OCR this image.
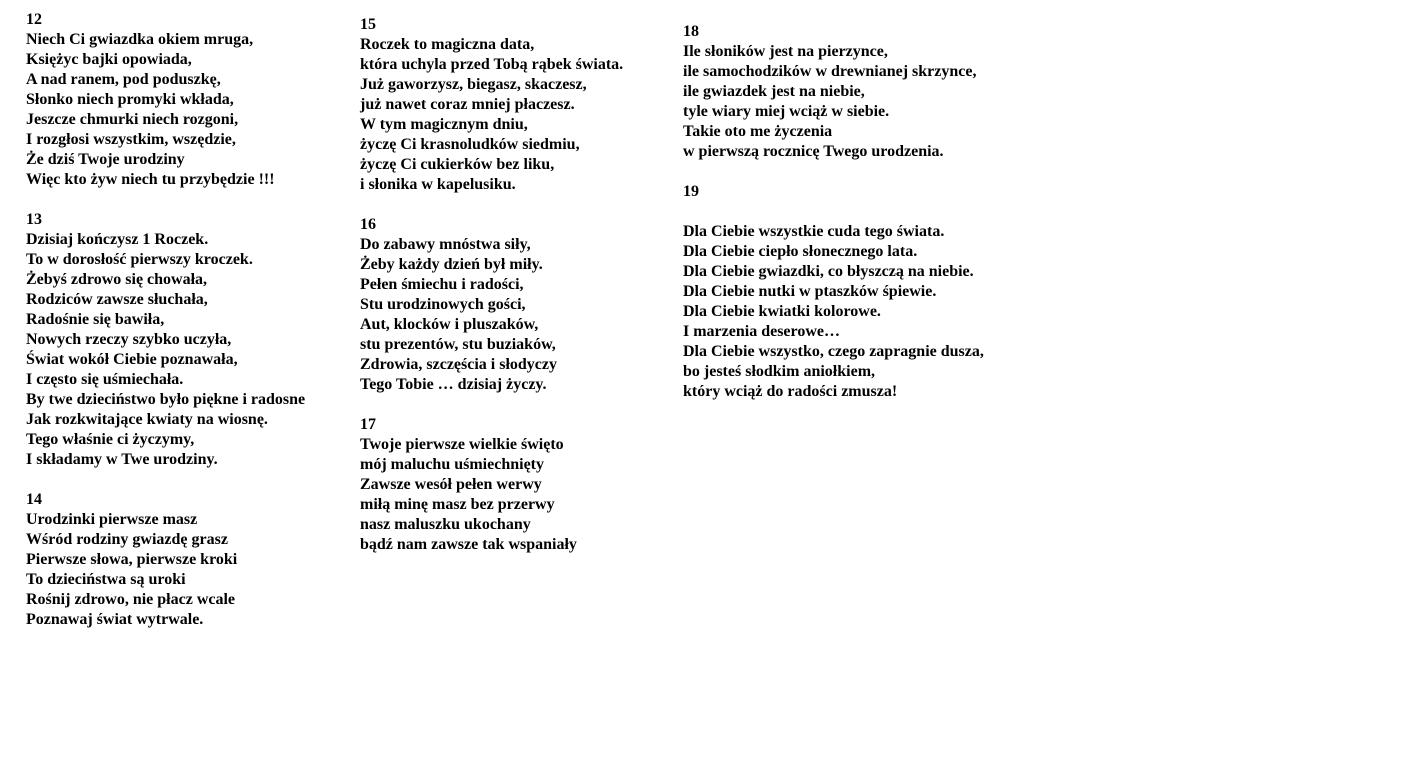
12
Niech Ci gwiazdka okiem mruga,
Księżyc bajki opowiada,
A nad ranem, pod poduszkę,
Słonko niech promyki wkłada,
Jeszcze chmurki niech rozgoni,
I rozgłosi wszystkim, wszędzie,
Że dziś Twoje urodziny
Więc kto żyw niech tu przybędzie !!!
13
Dzisiaj kończysz 1 Roczek.
To w dorosłość pierwszy kroczek.
Żebyś zdrowo się chowała,
Rodziców zawsze słuchała,
Radośnie się bawiła,
Nowych rzeczy szybko uczyła,
Świat wokół Ciebie poznawała,
I często się uśmiechała.
By twe dzieciństwo było piękne i radosne
Jak rozkwitające kwiaty na wiosnę.
Tego właśnie ci życzymy,
I składamy w Twe urodziny.
14
Urodzinki pierwsze masz
Wśród rodziny gwiazdę grasz
Pierwsze słowa, pierwsze kroki
To dzieciństwa są uroki
Rośnij zdrowo, nie płacz wcale
Poznawaj świat wytrwale.
15
Roczek to magiczna data,
która uchyla przed Tobą rąbek świata.
Już gaworzysz, biegasz, skaczesz,
już nawet coraz mniej płaczesz.
W tym magicznym dniu,
życzę Ci krasnoludków siedmiu,
życzę Ci cukierków bez liku,
i słonika w kapelusiku.
16
Do zabawy mnóstwa siły,
Żeby każdy dzień był miły.
Pełen śmiechu i radości,
Stu urodzinowych gości,
Aut, klocków i pluszaków,
stu prezentów, stu buziaków,
Zdrowia, szczęścia i słodyczy
Tego Tobie … dzisiaj życzy.
17
Twoje pierwsze wielkie święto
mój maluchu uśmiechnięty
Zawsze wesół pełen werwy
miłą minę masz bez przerwy
nasz maluszku ukochany
bądź nam zawsze tak wspaniały
18
Ile słoników jest na pierzynce,
ile samochodzików w drewnianej skrzynce,
ile gwiazdek jest na niebie,
tyle wiary miej wciąż w siebie.
Takie oto me życzenia
w pierwszą rocznicę Twego urodzenia.
19
Dla Ciebie wszystkie cuda tego świata.
Dla Ciebie ciepło słonecznego lata.
Dla Ciebie gwiazdki, co błyszczą na niebie.
Dla Ciebie nutki w ptaszków śpiewie.
Dla Ciebie kwiatki kolorowe.
I marzenia deserowe…
Dla Ciebie wszystko, czego zapragnie dusza,
bo jesteś słodkim aniołkiem,
który wciąż do radości zmusza!
